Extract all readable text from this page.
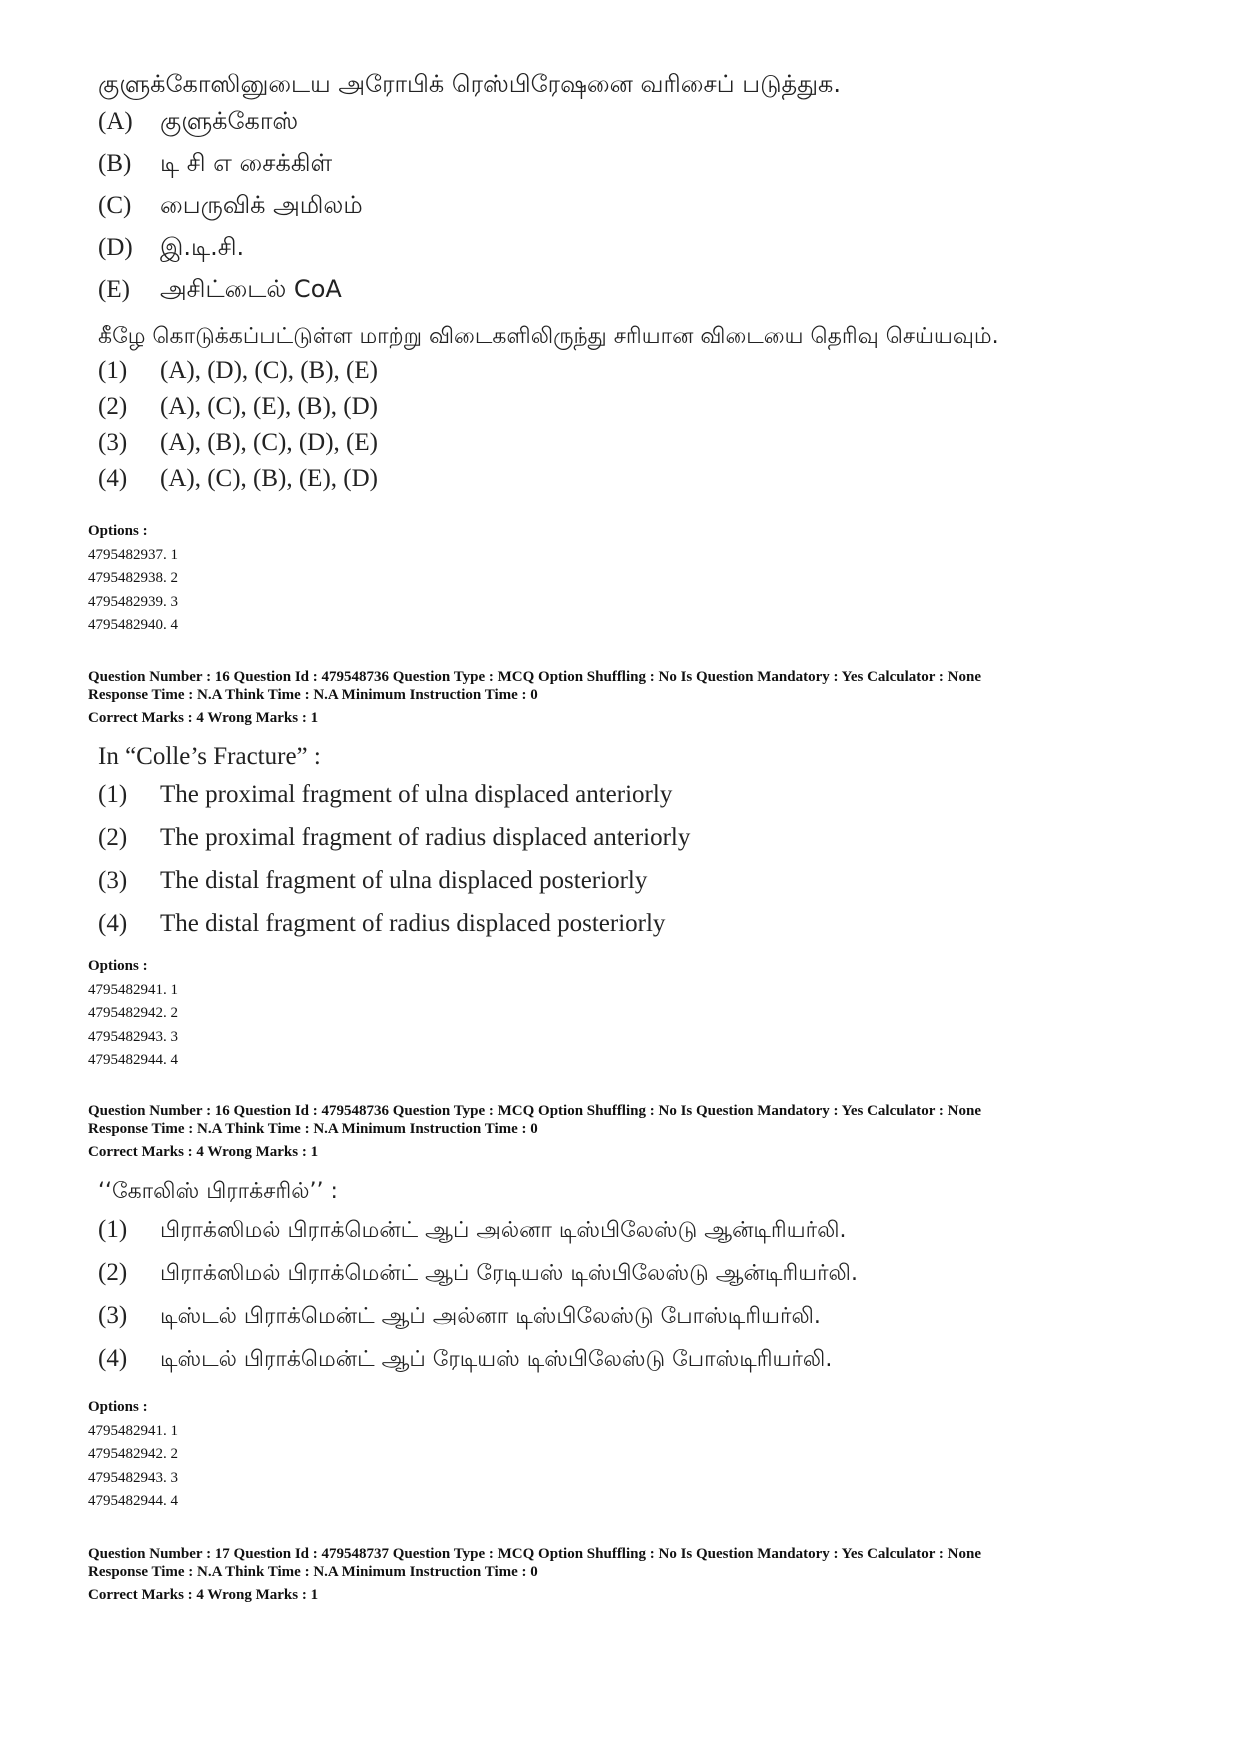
குளுக்கோஸினுடைய அரோபிக் ரெஸ்பிரேஷனை வரிசைப் படுத்துக.
(A)	குளுக்கோஸ்
(B)	டி சி எ சைக்கிள்
(C)	பைருவிக் அமிலம்
(D)	இ.டி.சி.
(E)	அசிட்டைல் CoA
கீழே கொடுக்கப்பட்டுள்ள மாற்று விடைகளிலிருந்து சரியான விடையை தெரிவு செய்யவும்.
(1)	(A), (D), (C), (B), (E)
(2)	(A), (C), (E), (B), (D)
(3)	(A), (B), (C), (D), (E)
(4)	(A), (C), (B), (E), (D)
Options :
4795482937. 1
4795482938. 2
4795482939. 3
4795482940. 4
Question Number : 16 Question Id : 479548736 Question Type : MCQ Option Shuffling : No Is Question Mandatory : Yes Calculator : None
Response Time : N.A Think Time : N.A Minimum Instruction Time : 0
Correct Marks : 4 Wrong Marks : 1
In “Colle’s Fracture” :
(1)	The proximal fragment of ulna displaced anteriorly
(2)	The proximal fragment of radius displaced anteriorly
(3)	The distal fragment of ulna displaced posteriorly
(4)	The distal fragment of radius displaced posteriorly
Options :
4795482941. 1
4795482942. 2
4795482943. 3
4795482944. 4
Question Number : 16 Question Id : 479548736 Question Type : MCQ Option Shuffling : No Is Question Mandatory : Yes Calculator : None
Response Time : N.A Think Time : N.A Minimum Instruction Time : 0
Correct Marks : 4 Wrong Marks : 1
‘‘கோலிஸ் பிராக்சரில்’’ :
(1)	பிராக்ஸிமல் பிராக்மென்ட் ஆப் அல்னா டிஸ்பிலேஸ்டு ஆன்டிரியர்லி.
(2)	பிராக்ஸிமல் பிராக்மென்ட் ஆப் ரேடியஸ் டிஸ்பிலேஸ்டு ஆன்டிரியர்லி.
(3)	டிஸ்டல் பிராக்மென்ட் ஆப் அல்னா டிஸ்பிலேஸ்டு போஸ்டிரியர்லி.
(4)	டிஸ்டல் பிராக்மென்ட் ஆப் ரேடியஸ் டிஸ்பிலேஸ்டு போஸ்டிரியர்லி.
Options :
4795482941. 1
4795482942. 2
4795482943. 3
4795482944. 4
Question Number : 17 Question Id : 479548737 Question Type : MCQ Option Shuffling : No Is Question Mandatory : Yes Calculator : None
Response Time : N.A Think Time : N.A Minimum Instruction Time : 0
Correct Marks : 4 Wrong Marks : 1
